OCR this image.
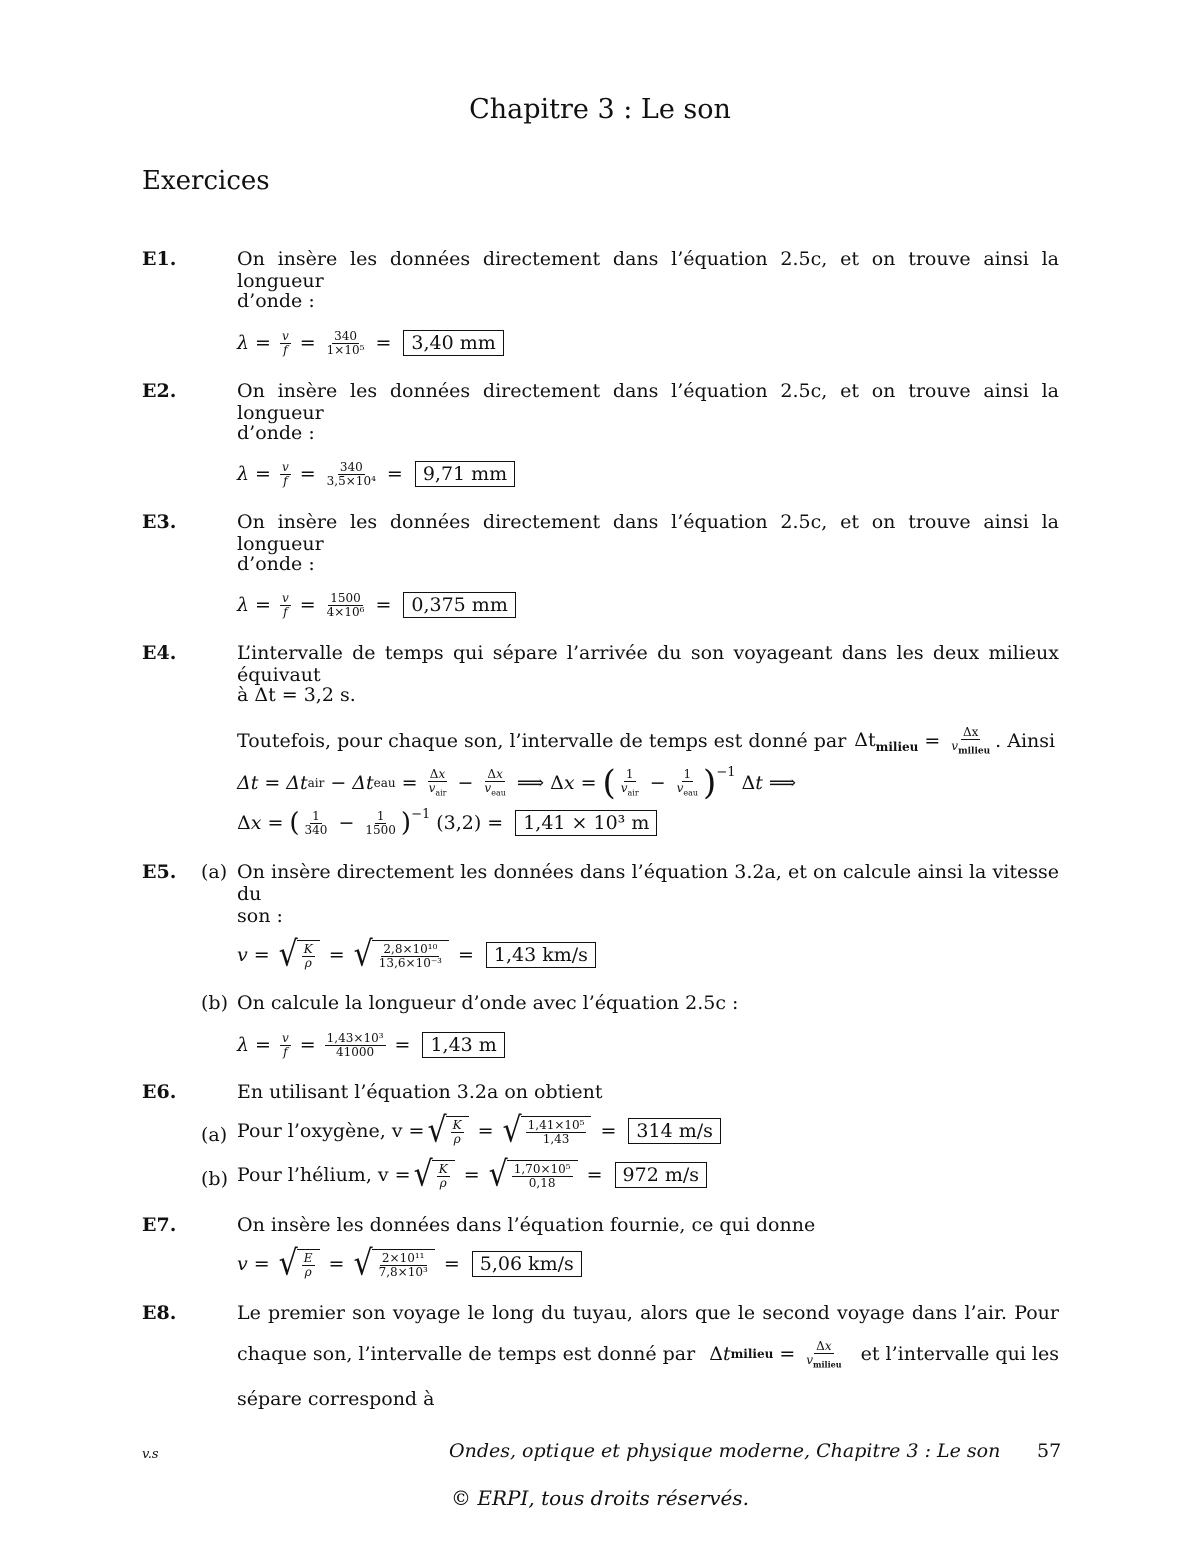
Chapitre 3 : Le son
Exercices
E1.	On insère les données directement dans l’équation 2.5c, et on trouve ainsi la longueur
d’onde :
$\lambda = \frac{v}{f} = \frac{340}{\text{1×10⁵}}$ =	3,40 mm
E2.	On insère les données directement dans l’équation 2.5c, et on trouve ainsi la longueur
d’onde :
$\lambda = \frac{v}{f} = \frac{340}{\text{3,5×10⁴}}$ =	9,71 mm
E3.	On insère les données directement dans l’équation 2.5c, et on trouve ainsi la longueur
d’onde :
$\lambda = \frac{v}{f} = \frac{1500}{\text{4×10⁶}}$ =	0,375 mm
E4.	L’intervalle de temps qui sépare l’arrivée du son voyageant dans les deux milieux équivaut
à Δt = 3,2 s.
Toutefois, pour chaque son, l’intervalle de temps est donné par $\Delta t_{milieu} = \frac{\Delta x}{v_{milieu}}$ . Ainsi
Δt = Δt air − Δt eau = $\frac{\Delta x}{v_{air}} - \frac{\Delta x}{v_{eau}}$ ⟹ Δ x = ( $\frac{1}{v_{air}} - \frac{1}{v_{eau}}$ ) −1 Δt ⟹
Δ x = ( $\frac{1}{340} - \frac{1}{1500}$ ) −1 (3,2) =	1,41 × 10³ m
E5. (a) On insère directement les données dans l’équation 3.2a, et on calcule ainsi la vitesse du
son :
v = √ $\frac{K}{\rho}$ = √ $\frac{\text{2,8×10¹⁰}}{\text{13,6×10⁻³}}$ =	1,43 km/s
(b) On calcule la longueur d’onde avec l’équation 2.5c :
$\lambda = \frac{v}{f} = \frac{\text{1,43×10³}}{41000}$ =	1,43 m
E6.	En utilisant l’équation 3.2a on obtient
(a) Pour l’oxygène, v = √ $\frac{K}{\rho}$ = √ $\frac{\text{1,41×10⁵}}{1,43}$ =	314 m/s
(b) Pour l’hélium, v = √ $\frac{K}{\rho}$ = √ $\frac{\text{1,70×10⁵}}{0,18}$ =	972 m/s
E7.	On insère les données dans l’équation fournie, ce qui donne
v = √ $\frac{E}{\rho}$ = √ $\frac{\text{2×10¹¹}}{\text{7,8×10³}}$ =	5,06 km/s
E8.	Le premier son voyage le long du tuyau, alors que le second voyage dans l’air. Pour
chaque son, l’intervalle de temps est donné par Δ t milieu = $\frac{\Delta x}{v_{milieu}}$ et l’intervalle qui les
sépare correspond à
v.s	Ondes, optique et physique moderne, Chapitre 3 : Le son 57
© ERPI, tous droits réservés.
